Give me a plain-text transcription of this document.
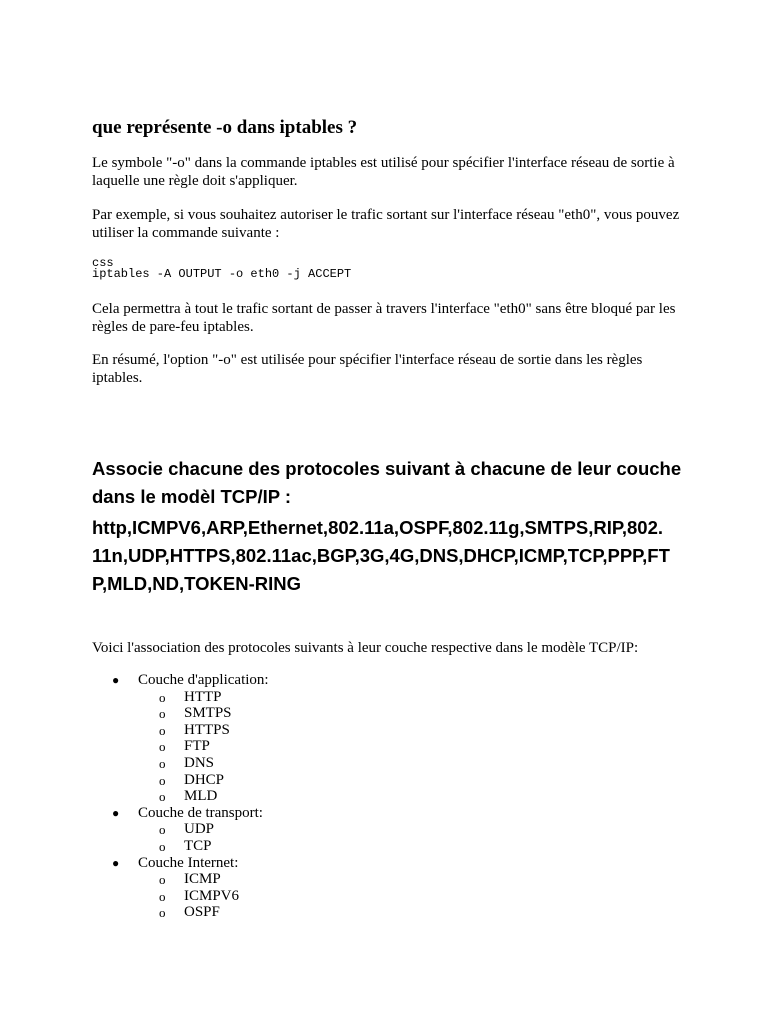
que représente -o dans iptables ?

Le symbole "-o" dans la commande iptables est utilisé pour spécifier l'interface réseau de sortie à laquelle une règle doit s'appliquer.

Par exemple, si vous souhaitez autoriser le trafic sortant sur l'interface réseau "eth0", vous pouvez utiliser la commande suivante :

css
iptables -A OUTPUT -o eth0 -j ACCEPT

Cela permettra à tout le trafic sortant de passer à travers l'interface "eth0" sans être bloqué par les règles de pare-feu iptables.

En résumé, l'option "-o" est utilisée pour spécifier l'interface réseau de sortie dans les règles iptables.

Associe chacune des protocoles suivant à chacune de leur couche dans le modèl TCP/IP :
http,ICMPV6,ARP,Ethernet,802.11a,OSPF,802.11g,SMTPS,RIP,802.11n,UDP,HTTPS,802.11ac,BGP,3G,4G,DNS,DHCP,ICMP,TCP,PPP,FTP,MLD,ND,TOKEN-RING

Voici l'association des protocoles suivants à leur couche respective dans le modèle TCP/IP:

● Couche d'application:
o HTTP
o SMTPS
o HTTPS
o FTP
o DNS
o DHCP
o MLD
● Couche de transport:
o UDP
o TCP
● Couche Internet:
o ICMP
o ICMPV6
o OSPF
